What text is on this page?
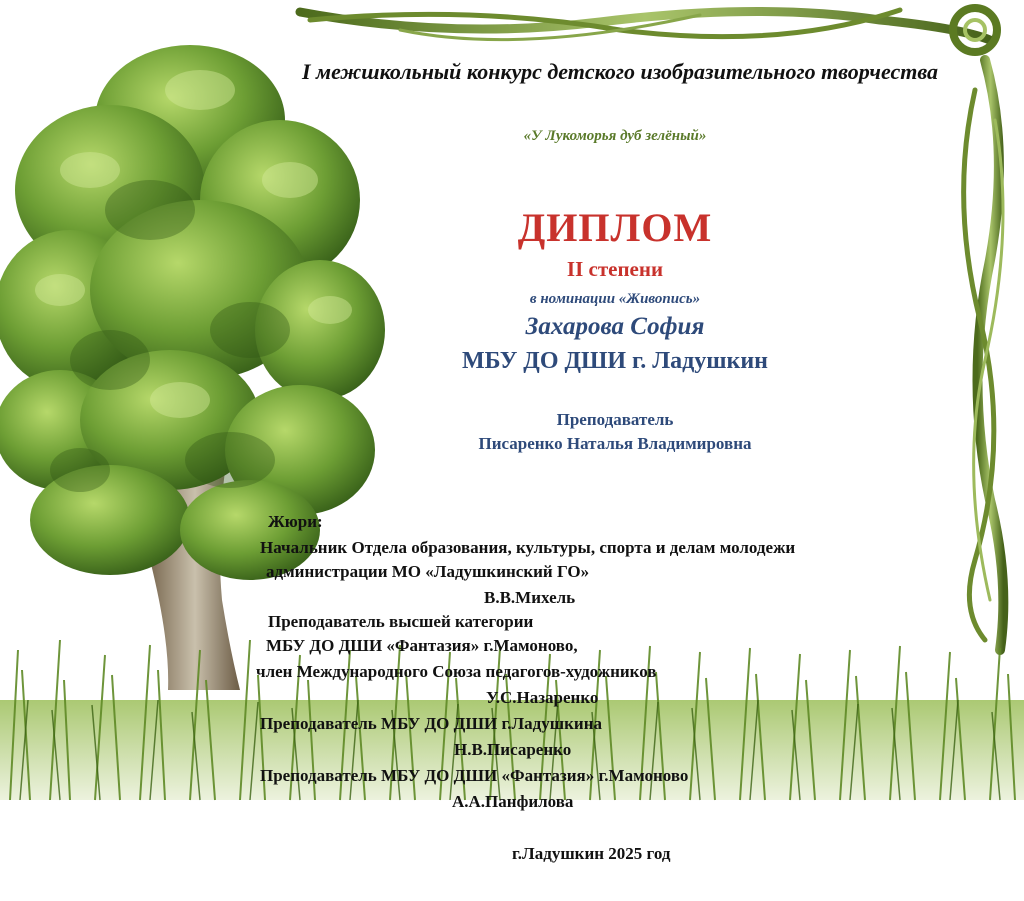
I межшкольный конкурс детского изобразительного творчества
«У Лукоморья дуб зелёный»
ДИПЛОМ
II степени
в номинации «Живопись»
Захарова София
МБУ ДО ДШИ г. Ладушкин
Преподаватель
Писаренко Наталья Владимировна
Жюри:
Начальник Отдела образования, культуры, спорта и делам молодежи
администрации МО «Ладушкинский ГО»
В.В.Михель
Преподаватель высшей категории
МБУ ДО ДШИ «Фантазия» г.Мамоново,
член Международного Союза педагогов-художников
У.С.Назаренко
Преподаватель МБУ ДО ДШИ г.Ладушкина
Н.В.Писаренко
Преподаватель МБУ ДО ДШИ «Фантазия» г.Мамоново
А.А.Панфилова
г.Ладушкин 2025 год
